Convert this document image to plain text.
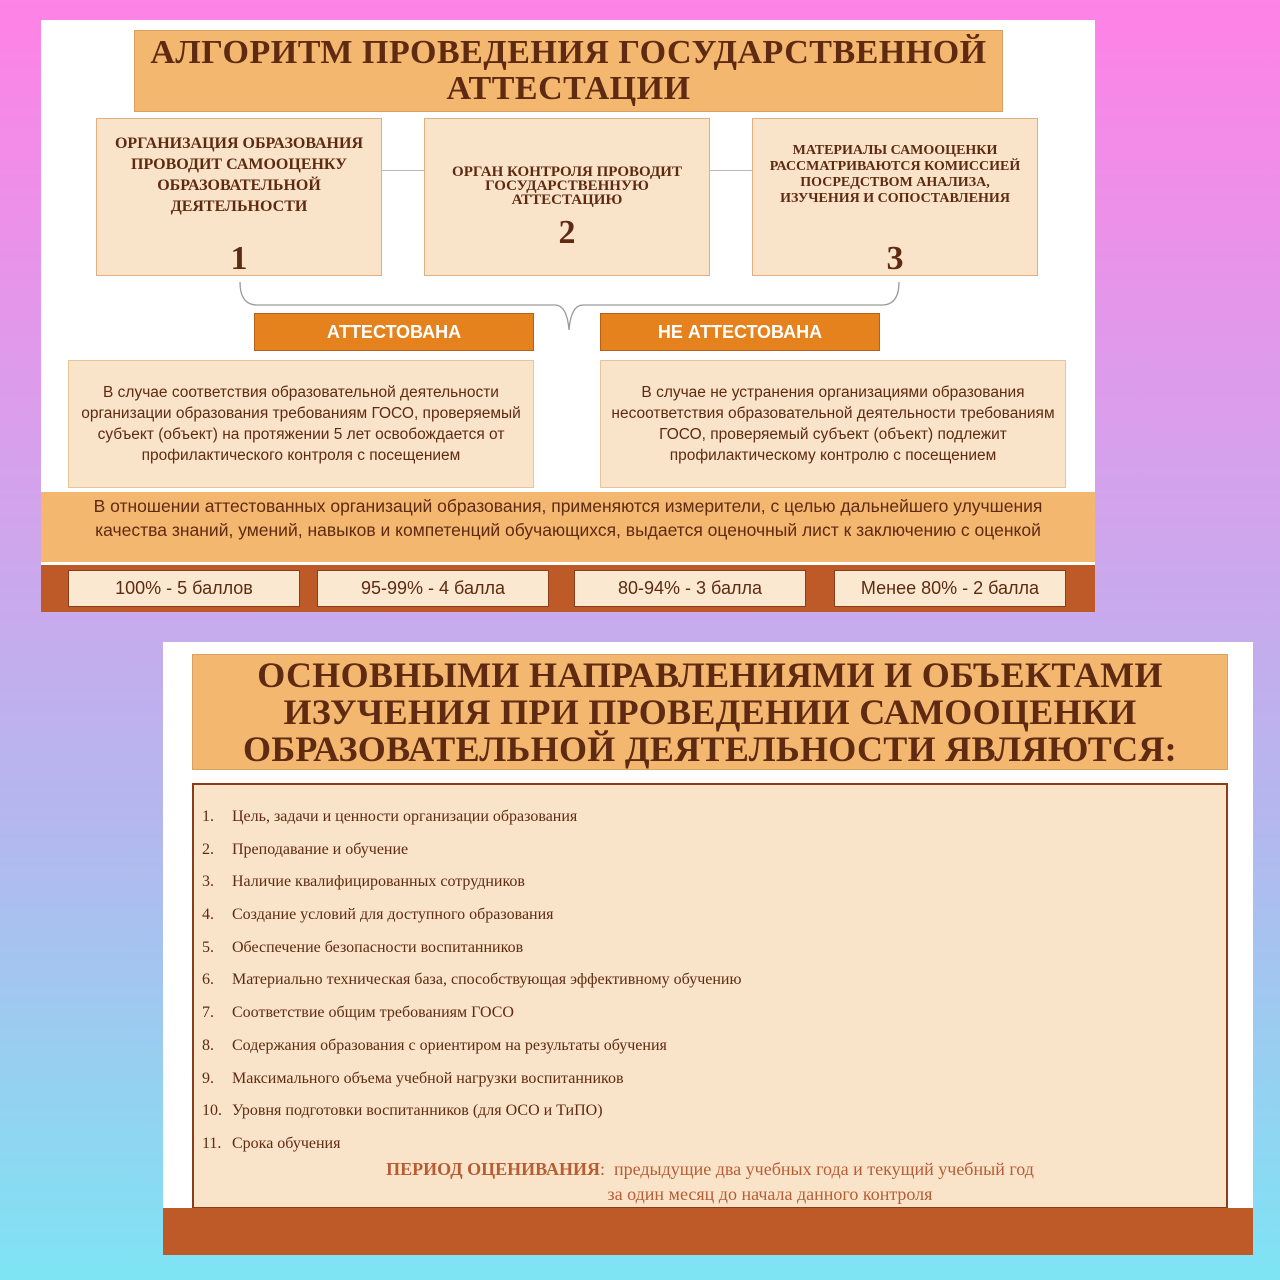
АЛГОРИТМ ПРОВЕДЕНИЯ ГОСУДАРСТВЕННОЙ АТТЕСТАЦИИ
ОРГАНИЗАЦИЯ ОБРАЗОВАНИЯ ПРОВОДИТ САМООЦЕНКУ ОБРАЗОВАТЕЛЬНОЙ ДЕЯТЕЛЬНОСТИ
1
ОРГАН КОНТРОЛЯ ПРОВОДИТ ГОСУДАРСТВЕННУЮ АТТЕСТАЦИЮ
2
МАТЕРИАЛЫ САМООЦЕНКИ РАССМАТРИВАЮТСЯ КОМИССИЕЙ ПОСРЕДСТВОМ АНАЛИЗА, ИЗУЧЕНИЯ И СОПОСТАВЛЕНИЯ
3
АТТЕСТОВАНА	НЕ АТТЕСТОВАНА
В случае соответствия образовательной деятельности организации образования требованиям ГОСО, проверяемый субъект (объект) на протяжении 5 лет освобождается от профилактического контроля с посещением
В случае не устранения организациями образования несоответствия образовательной деятельности требованиям ГОСО, проверяемый субъект (объект) подлежит профилактическому контролю с посещением
В отношении аттестованных организаций образования, применяются измерители, с целью дальнейшего улучшения качества знаний, умений, навыков и компетенций обучающихся, выдается оценочный лист к заключению с оценкой
100% - 5 баллов	95-99% - 4 балла	80-94% - 3 балла	Менее 80% - 2 балла
ОСНОВНЫМИ НАПРАВЛЕНИЯМИ И ОБЪЕКТАМИ ИЗУЧЕНИЯ ПРИ ПРОВЕДЕНИИ САМООЦЕНКИ ОБРАЗОВАТЕЛЬНОЙ ДЕЯТЕЛЬНОСТИ ЯВЛЯЮТСЯ:
1. Цель, задачи и ценности организации образования
2. Преподавание и обучение
3. Наличие квалифицированных сотрудников
4. Создание условий для доступного образования
5. Обеспечение безопасности воспитанников
6. Материально техническая база, способствующая эффективному обучению
7. Соответствие общим требованиям ГОСО
8. Содержания образования с ориентиром на результаты обучения
9. Максимального объема учебной нагрузки воспитанников
10. Уровня подготовки воспитанников (для ОСО и ТиПО)
11. Срока обучения
ПЕРИОД ОЦЕНИВАНИЯ:  предыдущие два учебных года и текущий учебный год
за один месяц до начала данного контроля
